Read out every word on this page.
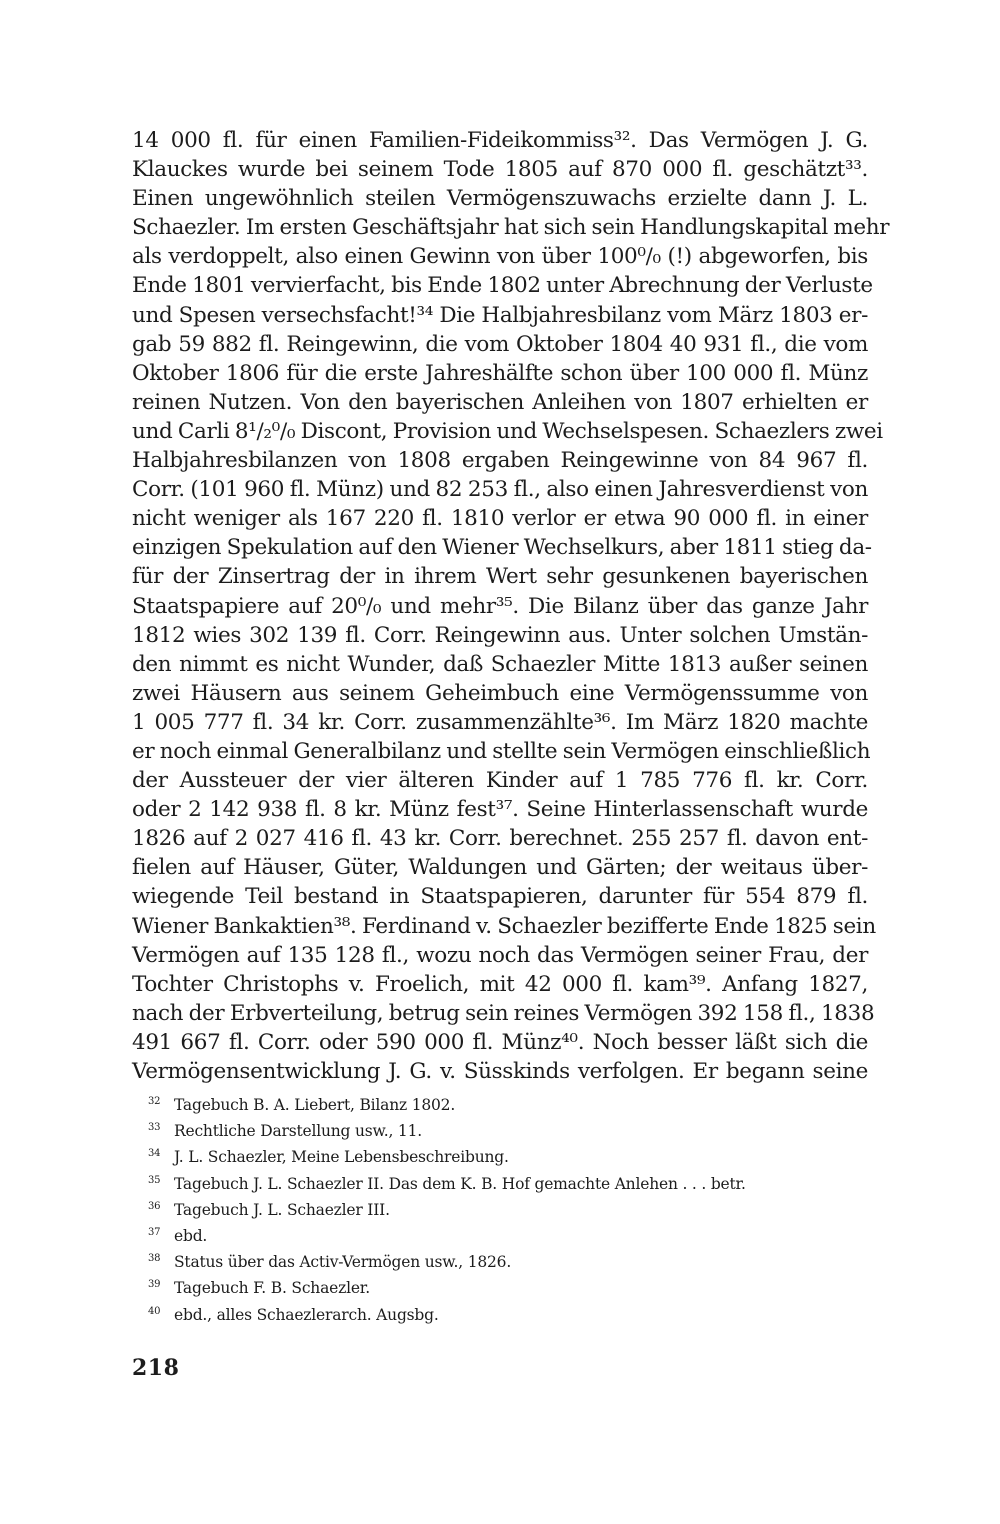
14 000 fl. für einen Familien-Fideikommiss³². Das Vermögen J. G.
Klauckes wurde bei seinem Tode 1805 auf 870 000 fl. geschätzt³³.
Einen ungewöhnlich steilen Vermögenszuwachs erzielte dann J. L.
Schaezler. Im ersten Geschäftsjahr hat sich sein Handlungskapital mehr
als verdoppelt, also einen Gewinn von über 100⁰/₀ (!) abgeworfen, bis
Ende 1801 vervierfacht, bis Ende 1802 unter Abrechnung der Verluste
und Spesen versechsfacht!³⁴ Die Halbjahresbilanz vom März 1803 er-
gab 59 882 fl. Reingewinn, die vom Oktober 1804 40 931 fl., die vom
Oktober 1806 für die erste Jahreshälfte schon über 100 000 fl. Münz
reinen Nutzen. Von den bayerischen Anleihen von 1807 erhielten er
und Carli 8¹/₂⁰/₀ Discont, Provision und Wechselspesen. Schaezlers zwei
Halbjahresbilanzen von 1808 ergaben Reingewinne von 84 967 fl.
Corr. (101 960 fl. Münz) und 82 253 fl., also einen Jahresverdienst von
nicht weniger als 167 220 fl. 1810 verlor er etwa 90 000 fl. in einer
einzigen Spekulation auf den Wiener Wechselkurs, aber 1811 stieg da-
für der Zinsertrag der in ihrem Wert sehr gesunkenen bayerischen
Staatspapiere auf 20⁰/₀ und mehr³⁵. Die Bilanz über das ganze Jahr
1812 wies 302 139 fl. Corr. Reingewinn aus. Unter solchen Umstän-
den nimmt es nicht Wunder, daß Schaezler Mitte 1813 außer seinen
zwei Häusern aus seinem Geheimbuch eine Vermögenssumme von
1 005 777 fl. 34 kr. Corr. zusammenzählte³⁶. Im März 1820 machte
er noch einmal Generalbilanz und stellte sein Vermögen einschließlich
der Aussteuer der vier älteren Kinder auf 1 785 776 fl. kr. Corr.
oder 2 142 938 fl. 8 kr. Münz fest³⁷. Seine Hinterlassenschaft wurde
1826 auf 2 027 416 fl. 43 kr. Corr. berechnet. 255 257 fl. davon ent-
fielen auf Häuser, Güter, Waldungen und Gärten; der weitaus über-
wiegende Teil bestand in Staatspapieren, darunter für 554 879 fl.
Wiener Bankaktien³⁸. Ferdinand v. Schaezler bezifferte Ende 1825 sein
Vermögen auf 135 128 fl., wozu noch das Vermögen seiner Frau, der
Tochter Christophs v. Froelich, mit 42 000 fl. kam³⁹. Anfang 1827,
nach der Erbverteilung, betrug sein reines Vermögen 392 158 fl., 1838
491 667 fl. Corr. oder 590 000 fl. Münz⁴⁰. Noch besser läßt sich die
Vermögensentwicklung J. G. v. Süsskinds verfolgen. Er begann seine
32 Tagebuch B. A. Liebert, Bilanz 1802.
33 Rechtliche Darstellung usw., 11.
34 J. L. Schaezler, Meine Lebensbeschreibung.
35 Tagebuch J. L. Schaezler II. Das dem K. B. Hof gemachte Anlehen . . . betr.
36 Tagebuch J. L. Schaezler III.
37 ebd.
38 Status über das Activ-Vermögen usw., 1826.
39 Tagebuch F. B. Schaezler.
40 ebd., alles Schaezlerarch. Augsbg.
218
